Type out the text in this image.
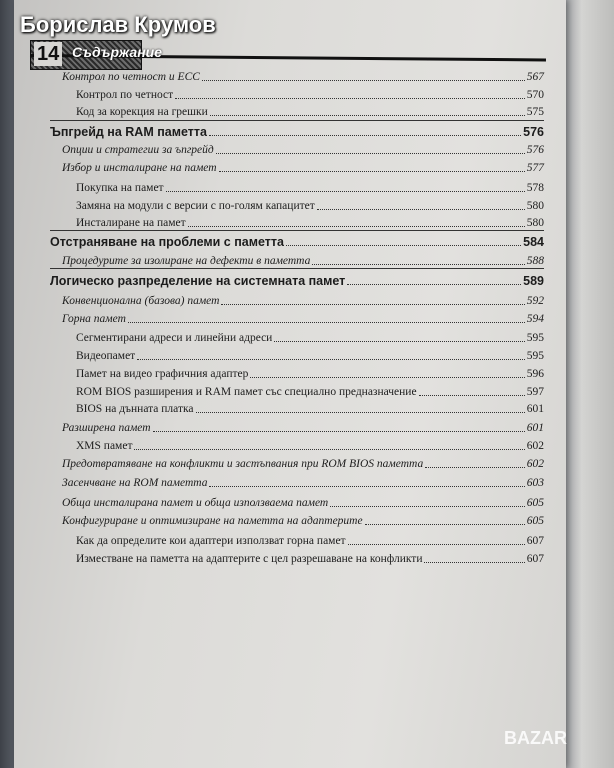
14 Съдържание
Контрол по четност и ECC	567
Контрол по четност	570
Код за корекция на грешки	575
Ъпгрейд на RAM паметта	576
Опции и стратегии за ъпгрейд	576
Избор и инсталиране на памет	577
Покупка на памет	578
Замяна на модули с версии с по-голям капацитет	580
Инсталиране на памет	580
Отстраняване на проблеми с паметта	584
Процедурите за изолиране на дефекти в паметта	588
Логическо разпределение на системната памет	589
Конвенционална (базова) памет	592
Горна памет	594
Сегментирани адреси и линейни адреси	595
Видеопамет	595
Памет на видео графичния адаптер	596
ROM BIOS разширения и RAM памет със специално предназначение	597
BIOS на дънната платка	601
Разширена памет	601
XMS памет	602
Предотвратяване на конфликти и застъпвания при ROM BIOS паметта	602
Засенчване на ROM паметта	603
Обща инсталирана памет и обща използваема памет	605
Конфигуриране и оптимизиране на паметта на адаптерите	605
Как да определите кои адаптери използват горна памет	607
Изместване на паметта на адаптерите с цел разрешаване на конфликти	607
Борислав Крумов
BAZAR
